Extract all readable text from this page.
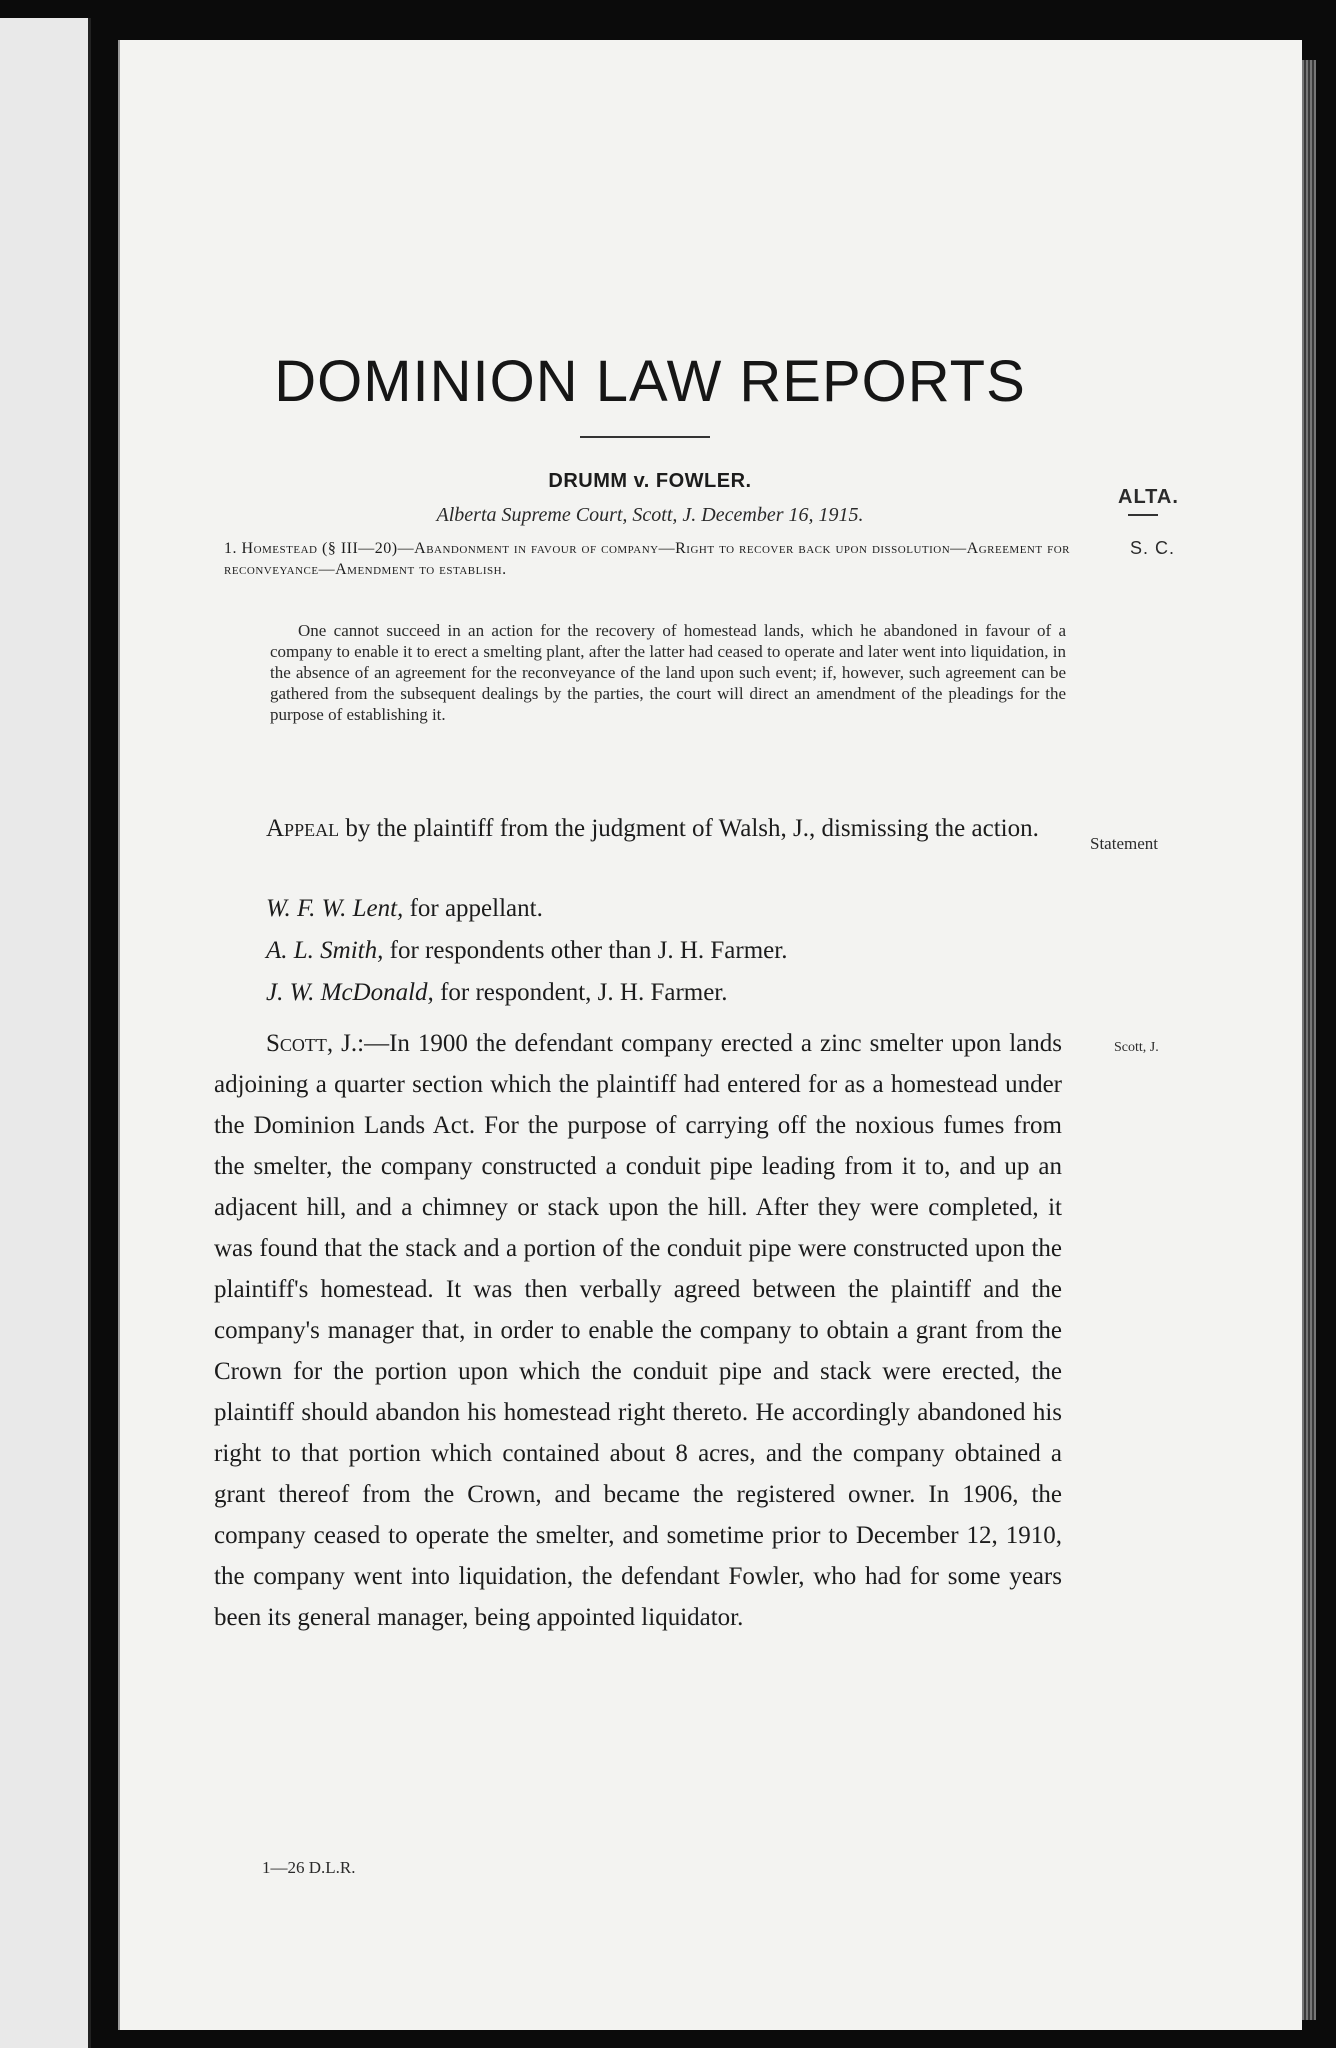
DOMINION LAW REPORTS
DRUMM v. FOWLER.
Alberta Supreme Court, Scott, J. December 16, 1915.
1. Homestead (§ III—20)—Abandonment in favour of company—Right to recover back upon dissolution—Agreement for reconveyance—Amendment to establish.
One cannot succeed in an action for the recovery of homestead lands, which he abandoned in favour of a company to enable it to erect a smelting plant, after the latter had ceased to operate and later went into liquidation, in the absence of an agreement for the reconveyance of the land upon such event; if, however, such agreement can be gathered from the subsequent dealings by the parties, the court will direct an amendment of the pleadings for the purpose of establishing it.

Appeal by the plaintiff from the judgment of Walsh, J., dismissing the action.

W. F. W. Lent, for appellant.

A. L. Smith, for respondents other than J. H. Farmer.

J. W. McDonald, for respondent, J. H. Farmer.

Scott, J.:—In 1900 the defendant company erected a zinc smelter upon lands adjoining a quarter section which the plaintiff had entered for as a homestead under the Dominion Lands Act. For the purpose of carrying off the noxious fumes from the smelter, the company constructed a conduit pipe leading from it to, and up an adjacent hill, and a chimney or stack upon the hill. After they were completed, it was found that the stack and a portion of the conduit pipe were constructed upon the plaintiff's homestead. It was then verbally agreed between the plaintiff and the company's manager that, in order to enable the company to obtain a grant from the Crown for the portion upon which the conduit pipe and stack were erected, the plaintiff should abandon his homestead right thereto. He accordingly abandoned his right to that portion which contained about 8 acres, and the company obtained a grant thereof from the Crown, and became the registered owner. In 1906, the company ceased to operate the smelter, and sometime prior to December 12, 1910, the company went into liquidation, the defendant Fowler, who had for some years been its general manager, being appointed liquidator.

ALTA.
S. C.
Statement
Scott, J.
1—26 D.L.R.
